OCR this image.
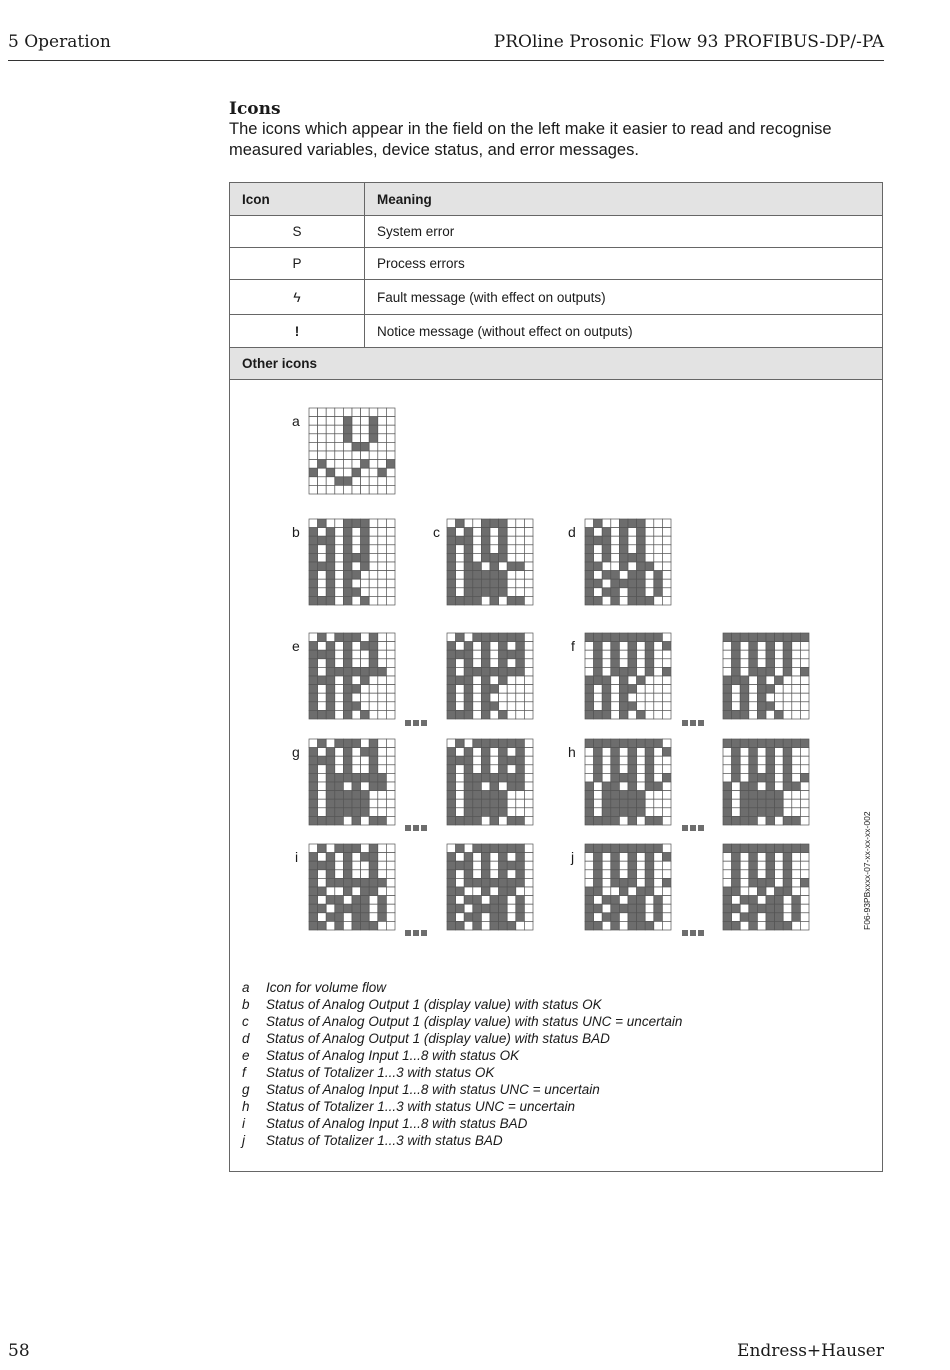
5 Operation	PROline Prosonic Flow 93 PROFIBUS-DP/-PA
Icons
The icons which appear in the field on the left make it easier to read and recognise measured variables, device status, and error messages.
Icon	Meaning
S	System error
P	Process errors
ϟ	Fault message (with effect on outputs)
!	Notice message (without effect on outputs)
Other icons
a
b	c	d
e	f
g	h
i	j	F06-93PBxxxx-07-xx-xx-xx-002
a Icon for volume flow
b Status of Analog Output 1 (display value) with status OK
c Status of Analog Output 1 (display value) with status UNC = uncertain
d Status of Analog Output 1 (display value) with status BAD
e Status of Analog Input 1...8 with status OK
f Status of Totalizer 1...3 with status OK
g Status of Analog Input 1...8 with status UNC = uncertain
h Status of Totalizer 1...3 with status UNC = uncertain
i Status of Analog Input 1...8 with status BAD
j Status of Totalizer 1...3 with status BAD
58	Endress+Hauser
